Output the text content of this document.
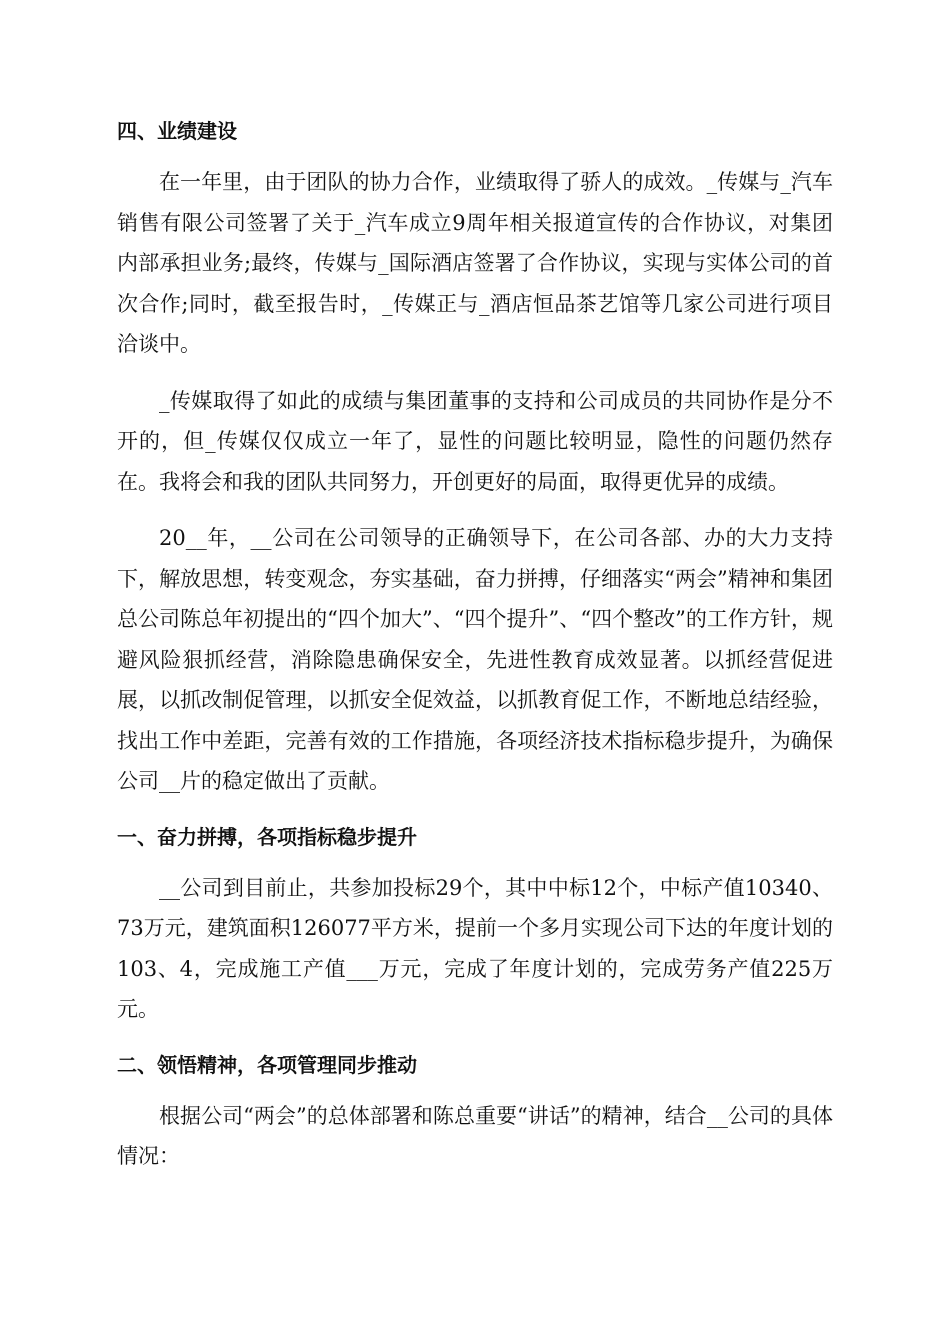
四、业绩建设

在一年里，由于团队的协力合作，业绩取得了骄人的成效。_传媒与_汽车销售有限公司签署了关于_汽车成立9周年相关报道宣传的合作协议，对集团内部承担业务;最终，传媒与_国际酒店签署了合作协议，实现与实体公司的首次合作;同时，截至报告时，_传媒正与_酒店恒品茶艺馆等几家公司进行项目洽谈中。

_传媒取得了如此的成绩与集团董事的支持和公司成员的共同协作是分不开的，但_传媒仅仅成立一年了，显性的问题比较明显，隐性的问题仍然存在。我将会和我的团队共同努力，开创更好的局面，取得更优异的成绩。

20__年，__公司在公司领导的正确领导下，在公司各部、办的大力支持下，解放思想，转变观念，夯实基础，奋力拼搏，仔细落实“两会”精神和集团总公司陈总年初提出的“四个加大”、“四个提升”、“四个整改”的工作方针，规避风险狠抓经营，消除隐患确保安全，先进性教育成效显著。以抓经营促进展，以抓改制促管理，以抓安全促效益，以抓教育促工作，不断地总结经验，找出工作中差距，完善有效的工作措施，各项经济技术指标稳步提升，为确保公司__片的稳定做出了贡献。

一、奋力拼搏，各项指标稳步提升

__公司到目前止，共参加投标29个，其中中标12个，中标产值10340、73万元，建筑面积126077平方米，提前一个多月实现公司下达的年度计划的103、4，完成施工产值___万元，完成了年度计划的，完成劳务产值225万元。

二、领悟精神，各项管理同步推动

根据公司“两会”的总体部署和陈总重要“讲话”的精神，结合__公司的具体情况：
